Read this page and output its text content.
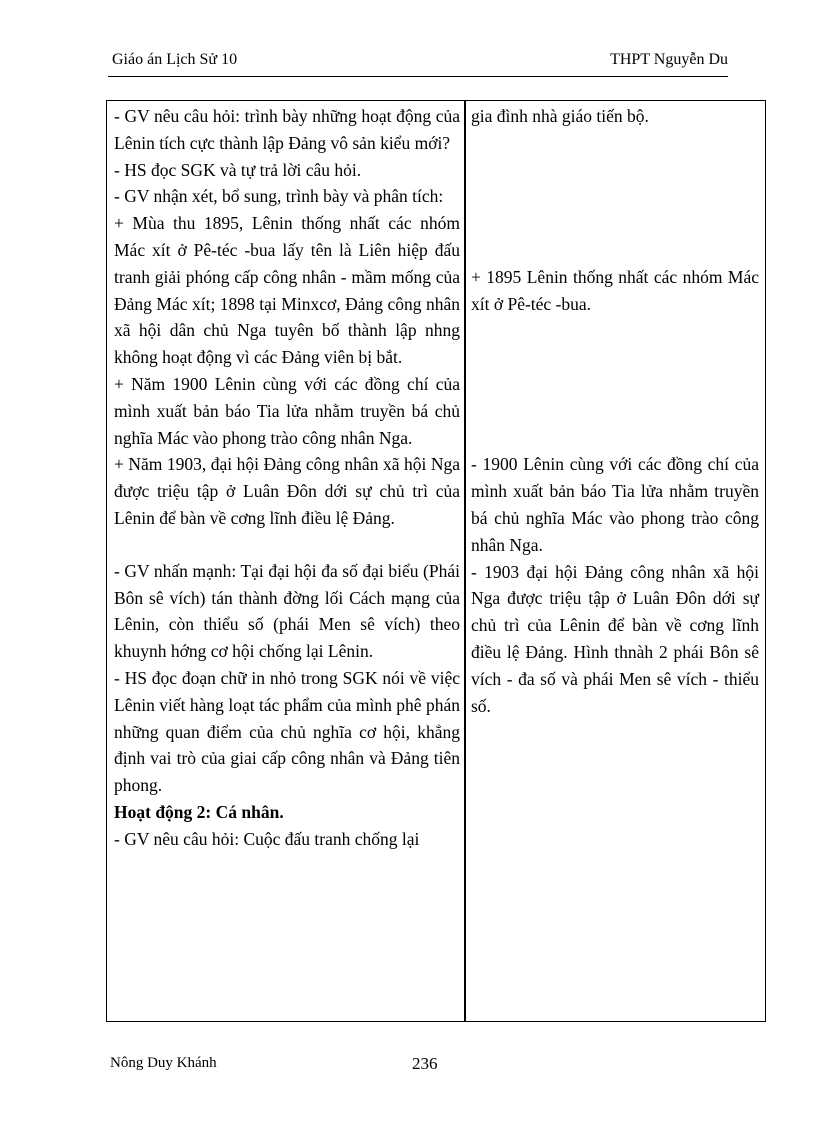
Giáo án Lịch Sử 10	THPT Nguyễn Du

- GV nêu câu hỏi: trình bày những hoạt động của Lênin tích cực thành lập Đảng vô sản kiểu mới?

- HS đọc SGK và tự trả lời câu hỏi.

- GV nhận xét, bổ sung, trình bày và phân tích:

+ Mùa thu 1895, Lênin thống nhất các nhóm Mác xít ở Pê-téc -bua lấy tên là Liên hiệp đấu tranh giải phóng cấp công nhân - mầm mống của Đảng Mác xít; 1898 tại Minxcơ, Đảng công nhân xã hội dân chủ Nga tuyên bố thành lập nhng không hoạt động vì các Đảng viên bị bắt.

+ Năm 1900 Lênin cùng với các đồng chí của mình xuất bản báo Tia lửa nhằm truyền bá chủ nghĩa Mác vào phong trào công nhân Nga.

+ Năm 1903, đại hội Đảng công nhân xã hội Nga được triệu tập ở Luân Đôn dới sự chủ trì của Lênin để bàn về cơng lĩnh điều lệ Đảng.

- GV nhấn mạnh: Tại đại hội đa số đại biểu (Phái Bôn sê vích) tán thành đờng lối Cách mạng của Lênin, còn thiểu số (phái Men sê vích) theo khuynh hớng cơ hội chống lại Lênin.

- HS đọc đoạn chữ in nhỏ trong SGK nói về việc Lênin viết hàng loạt tác phẩm của mình phê phán những quan điểm của chủ nghĩa cơ hội, khẳng định vai trò của giai cấp công nhân và Đảng tiên phong.

Hoạt động 2: Cá nhân.

- GV nêu câu hỏi: Cuộc đấu tranh chống lại

gia đình nhà giáo tiến bộ.

+ 1895 Lênin thống nhất các nhóm Mác xít ở Pê-téc -bua.

- 1900 Lênin cùng với các đồng chí của mình xuất bản báo Tia lửa nhằm truyền bá chủ nghĩa Mác vào phong trào công nhân Nga.

- 1903 đại hội Đảng công nhân xã hội Nga được triệu tập ở Luân Đôn dới sự chủ trì của Lênin để bàn về cơng lĩnh điều lệ Đảng. Hình thnàh 2 phái Bôn sê vích - đa số và phái Men sê vích - thiểu số.

Nông Duy Khánh	236
